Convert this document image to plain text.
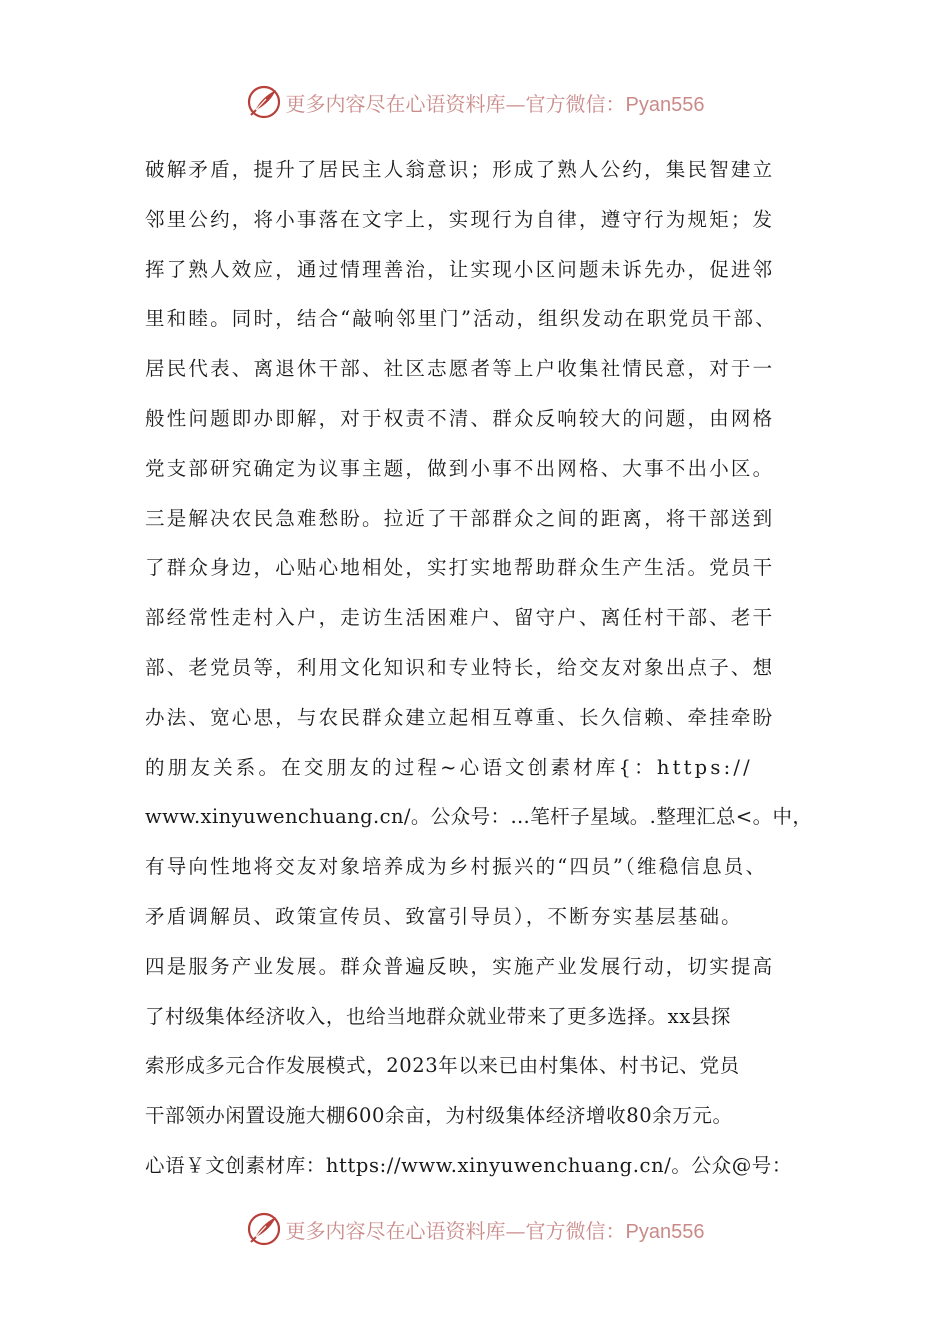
更多内容尽在心语资料库—官方微信：Pyan556
破解矛盾，提升了居民主人翁意识；形成了熟人公约，集民智建立
邻里公约，将小事落在文字上，实现行为自律，遵守行为规矩；发
挥了熟人效应，通过情理善治，让实现小区问题未诉先办，促进邻
里和睦。同时，结合“敲响邻里门”活动，组织发动在职党员干部、
居民代表、离退休干部、社区志愿者等上户收集社情民意，对于一
般性问题即办即解，对于权责不清、群众反响较大的问题，由网格
党支部研究确定为议事主题，做到小事不出网格、大事不出小区。
三是解决农民急难愁盼。拉近了干部群众之间的距离，将干部送到
了群众身边，心贴心地相处，实打实地帮助群众生产生活。党员干
部经常性走村入户，走访生活困难户、留守户、离任村干部、老干
部、老党员等，利用文化知识和专业特长，给交友对象出点子、想
办法、宽心思，与农民群众建立起相互尊重、长久信赖、牵挂牵盼
的朋友关系。在交朋友的过程~心语文创素材库{：https://
www.xinyuwenchuang.cn/。公众号：…笔杆子星域。.整理汇总<。中，
有导向性地将交友对象培养成为乡村振兴的“四员”（维稳信息员、
矛盾调解员、政策宣传员、致富引导员），不断夯实基层基础。
四是服务产业发展。群众普遍反映，实施产业发展行动，切实提高
了村级集体经济收入，也给当地群众就业带来了更多选择。xx县探
索形成多元合作发展模式，2023年以来已由村集体、村书记、党员
干部领办闲置设施大棚600余亩，为村级集体经济增收80余万元。
心语￥文创素材库：https://www.xinyuwenchuang.cn/。公众@号：
更多内容尽在心语资料库—官方微信：Pyan556
